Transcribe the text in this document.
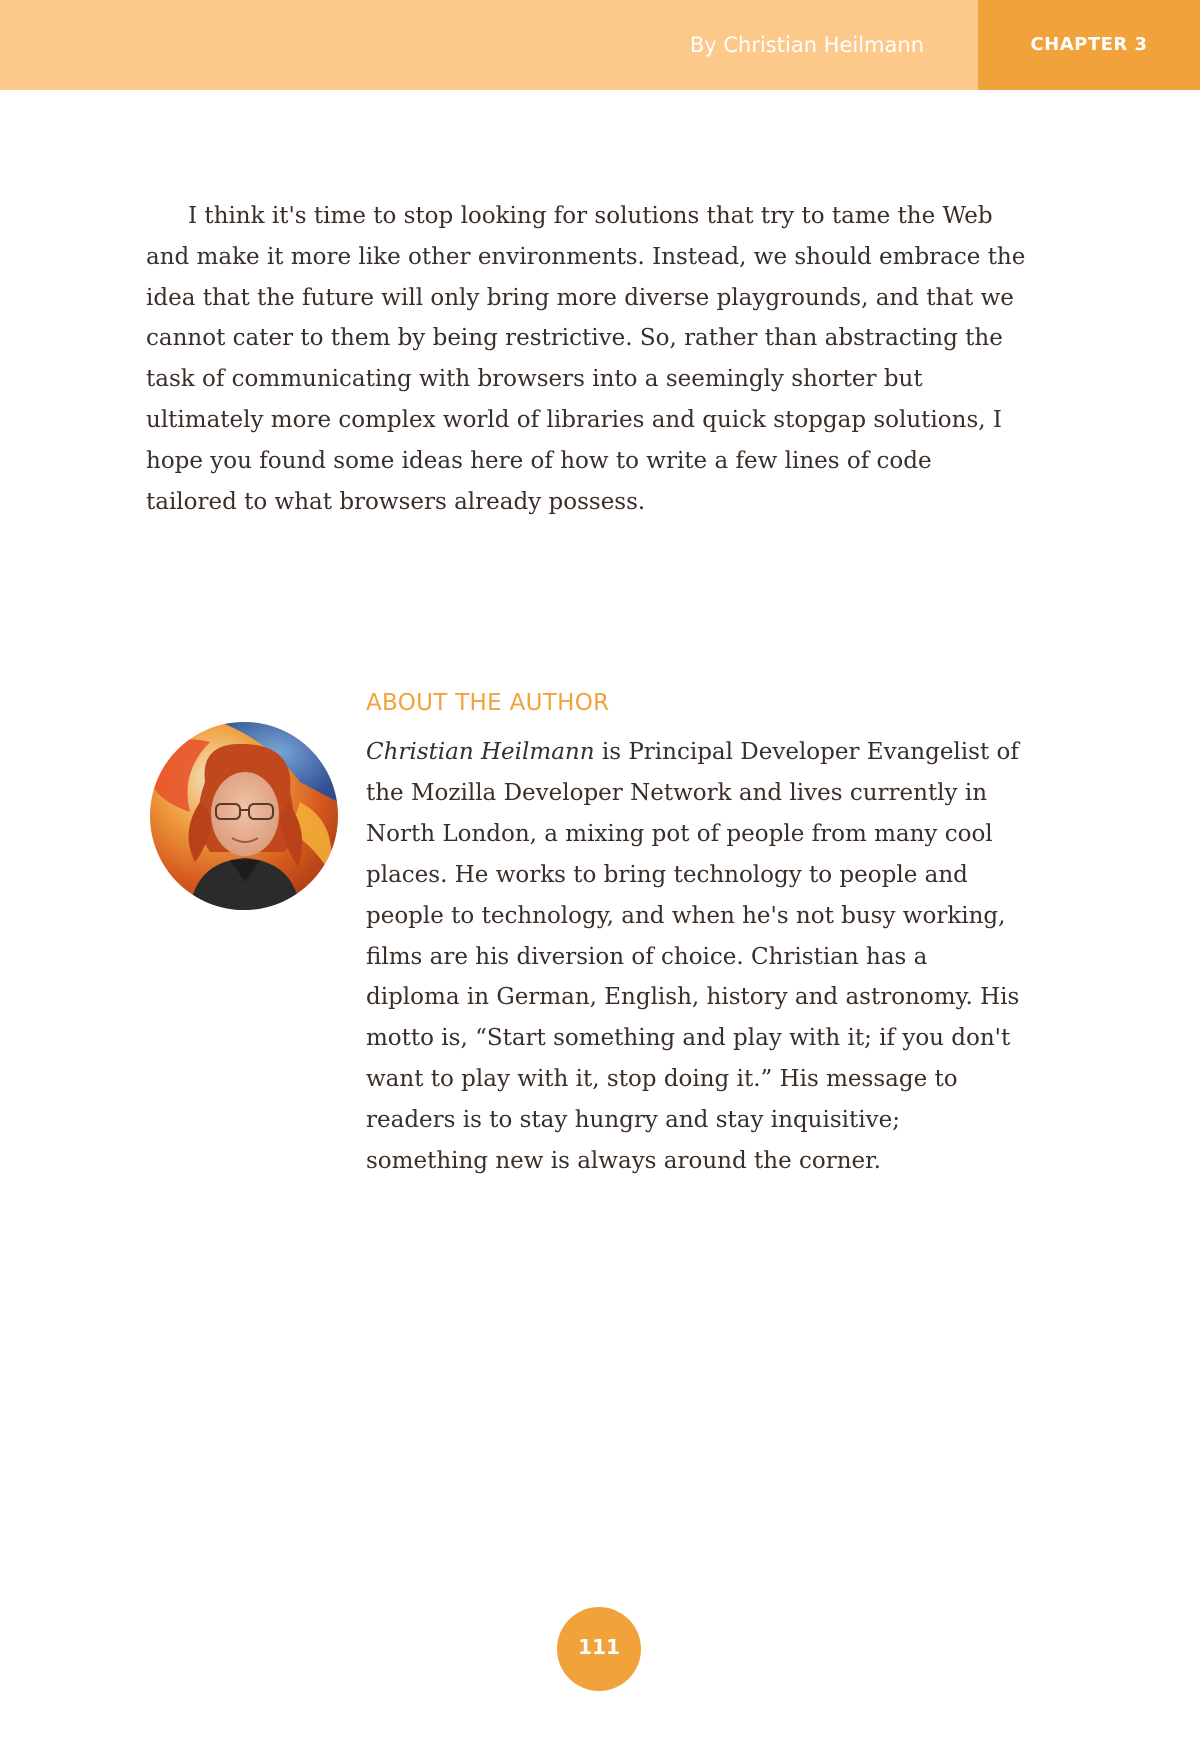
By Christian Heilmann	CHAPTER 3

I think it's time to stop looking for solutions that try to tame the Web and make it more like other environments. Instead, we should embrace the idea that the future will only bring more diverse playgrounds, and that we cannot cater to them by being restrictive. So, rather than abstracting the task of communicating with browsers into a seemingly shorter but ultimately more complex world of libraries and quick stopgap solutions, I hope you found some ideas here of how to write a few lines of code tailored to what browsers already possess.

ABOUT THE AUTHOR

Christian Heilmann is Principal Developer Evangelist of the Mozilla Developer Network and lives currently in North London, a mixing pot of people from many cool places. He works to bring technology to people and people to technology, and when he's not busy working, films are his diversion of choice. Christian has a diploma in German, English, history and astronomy. His motto is, “Start something and play with it; if you don't want to play with it, stop doing it.” His message to readers is to stay hungry and stay inquisitive; something new is always around the corner.

111
